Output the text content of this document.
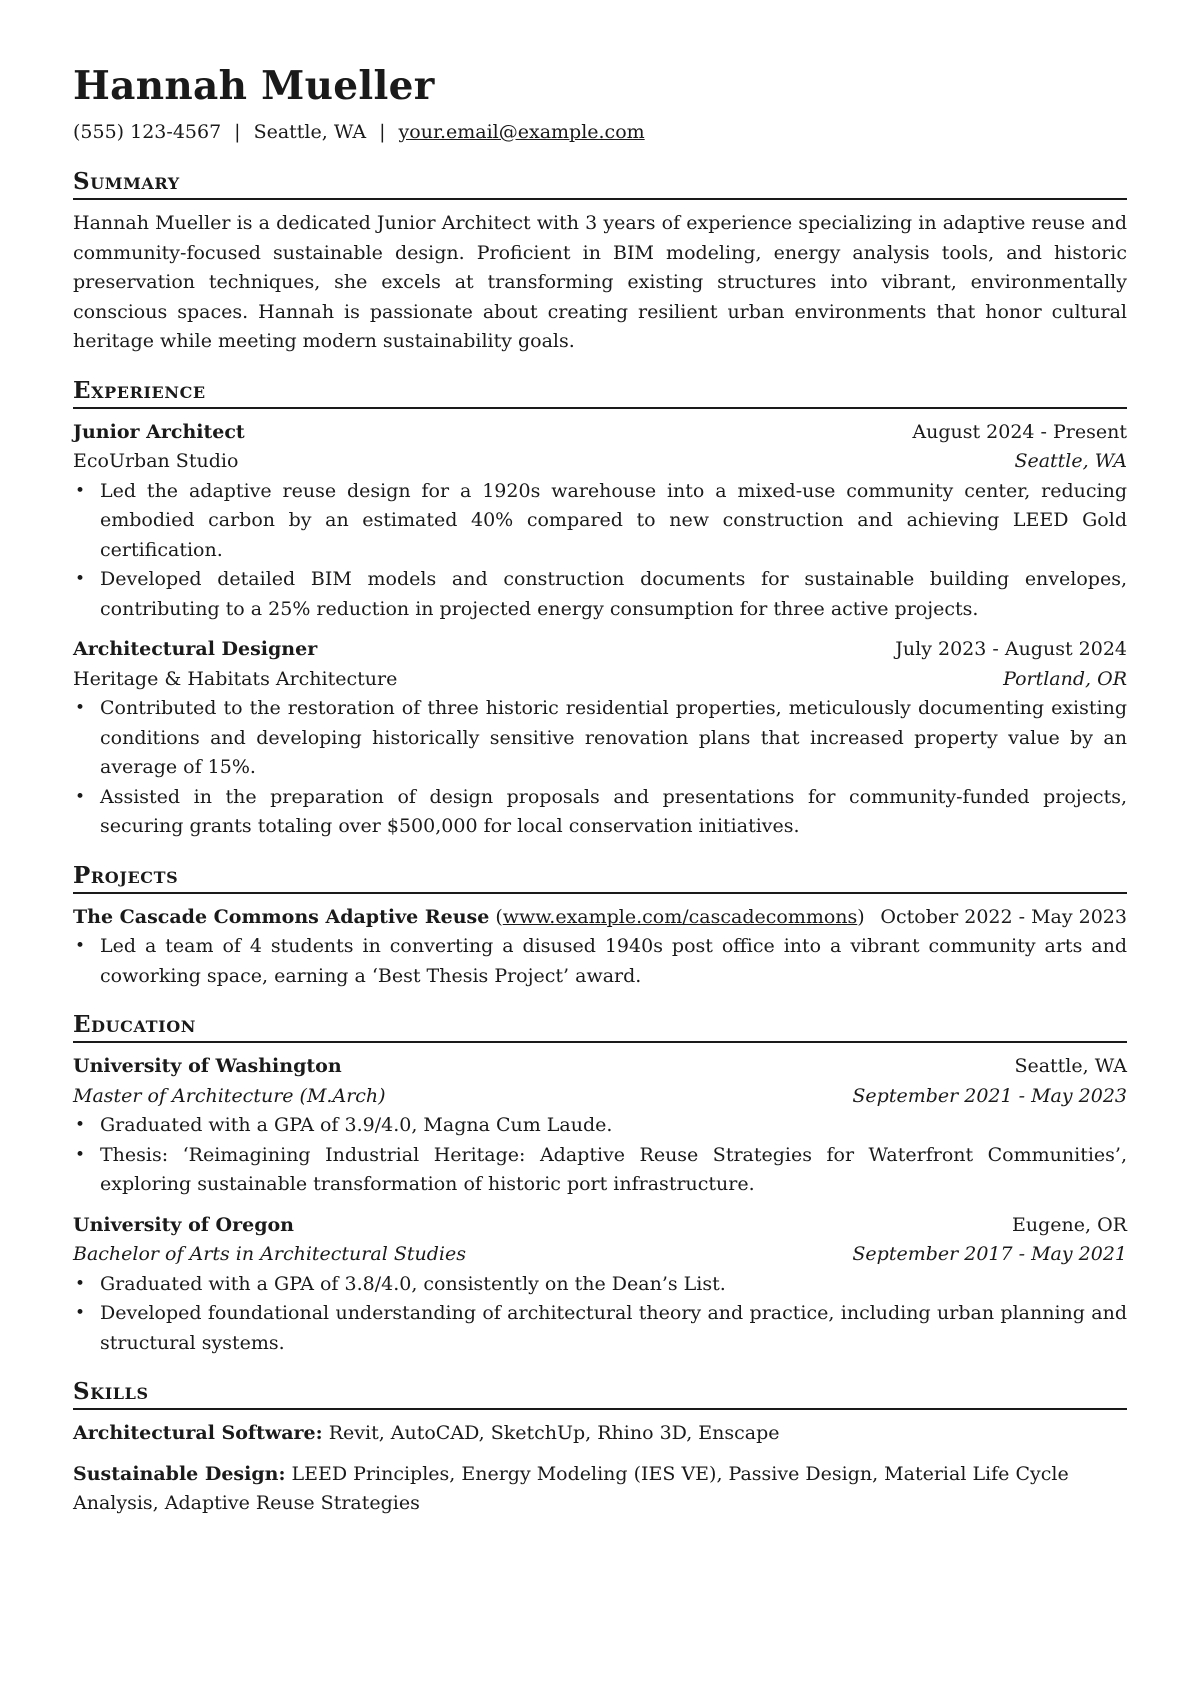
Hannah Mueller
(555) 123-4567 | Seattle, WA | your.email@example.com
Summary
Hannah Mueller is a dedicated Junior Architect with 3 years of experience specializing in adaptive reuse and community-focused sustainable design. Proficient in BIM modeling, energy analysis tools, and historic preservation techniques, she excels at transforming existing structures into vibrant, environmentally conscious spaces. Hannah is passionate about creating resilient urban environments that honor cultural heritage while meeting modern sustainability goals.
Experience
Junior Architect	August 2024 - Present
EcoUrban Studio	Seattle, WA
• Led the adaptive reuse design for a 1920s warehouse into a mixed-use community center, reducing embodied carbon by an estimated 40% compared to new construction and achieving LEED Gold certification.
• Developed detailed BIM models and construction documents for sustainable building envelopes, contributing to a 25% reduction in projected energy consumption for three active projects.
Architectural Designer	July 2023 - August 2024
Heritage & Habitats Architecture	Portland, OR
• Contributed to the restoration of three historic residential properties, meticulously documenting existing conditions and developing historically sensitive renovation plans that increased property value by an average of 15%.
• Assisted in the preparation of design proposals and presentations for community-funded projects, securing grants totaling over $500,000 for local conservation initiatives.
Projects
October 2022 - May 2023
The Cascade Commons Adaptive Reuse (www.example.com/cascadecommons)
• Led a team of 4 students in converting a disused 1940s post office into a vibrant community arts and coworking space, earning a ‘Best Thesis Project’ award.
Education
University of Washington	Seattle, WA
Master of Architecture (M.Arch)	September 2021 - May 2023
• Graduated with a GPA of 3.9/4.0, Magna Cum Laude.
• Thesis: ‘Reimagining Industrial Heritage: Adaptive Reuse Strategies for Waterfront Communities’, exploring sustainable transformation of historic port infrastructure.
University of Oregon	Eugene, OR
Bachelor of Arts in Architectural Studies	September 2017 - May 2021
• Graduated with a GPA of 3.8/4.0, consistently on the Dean’s List.
• Developed foundational understanding of architectural theory and practice, including urban planning and structural systems.
Skills
Architectural Software: Revit, AutoCAD, SketchUp, Rhino 3D, Enscape
Sustainable Design: LEED Principles, Energy Modeling (IES VE), Passive Design, Material Life Cycle Analysis, Adaptive Reuse Strategies
